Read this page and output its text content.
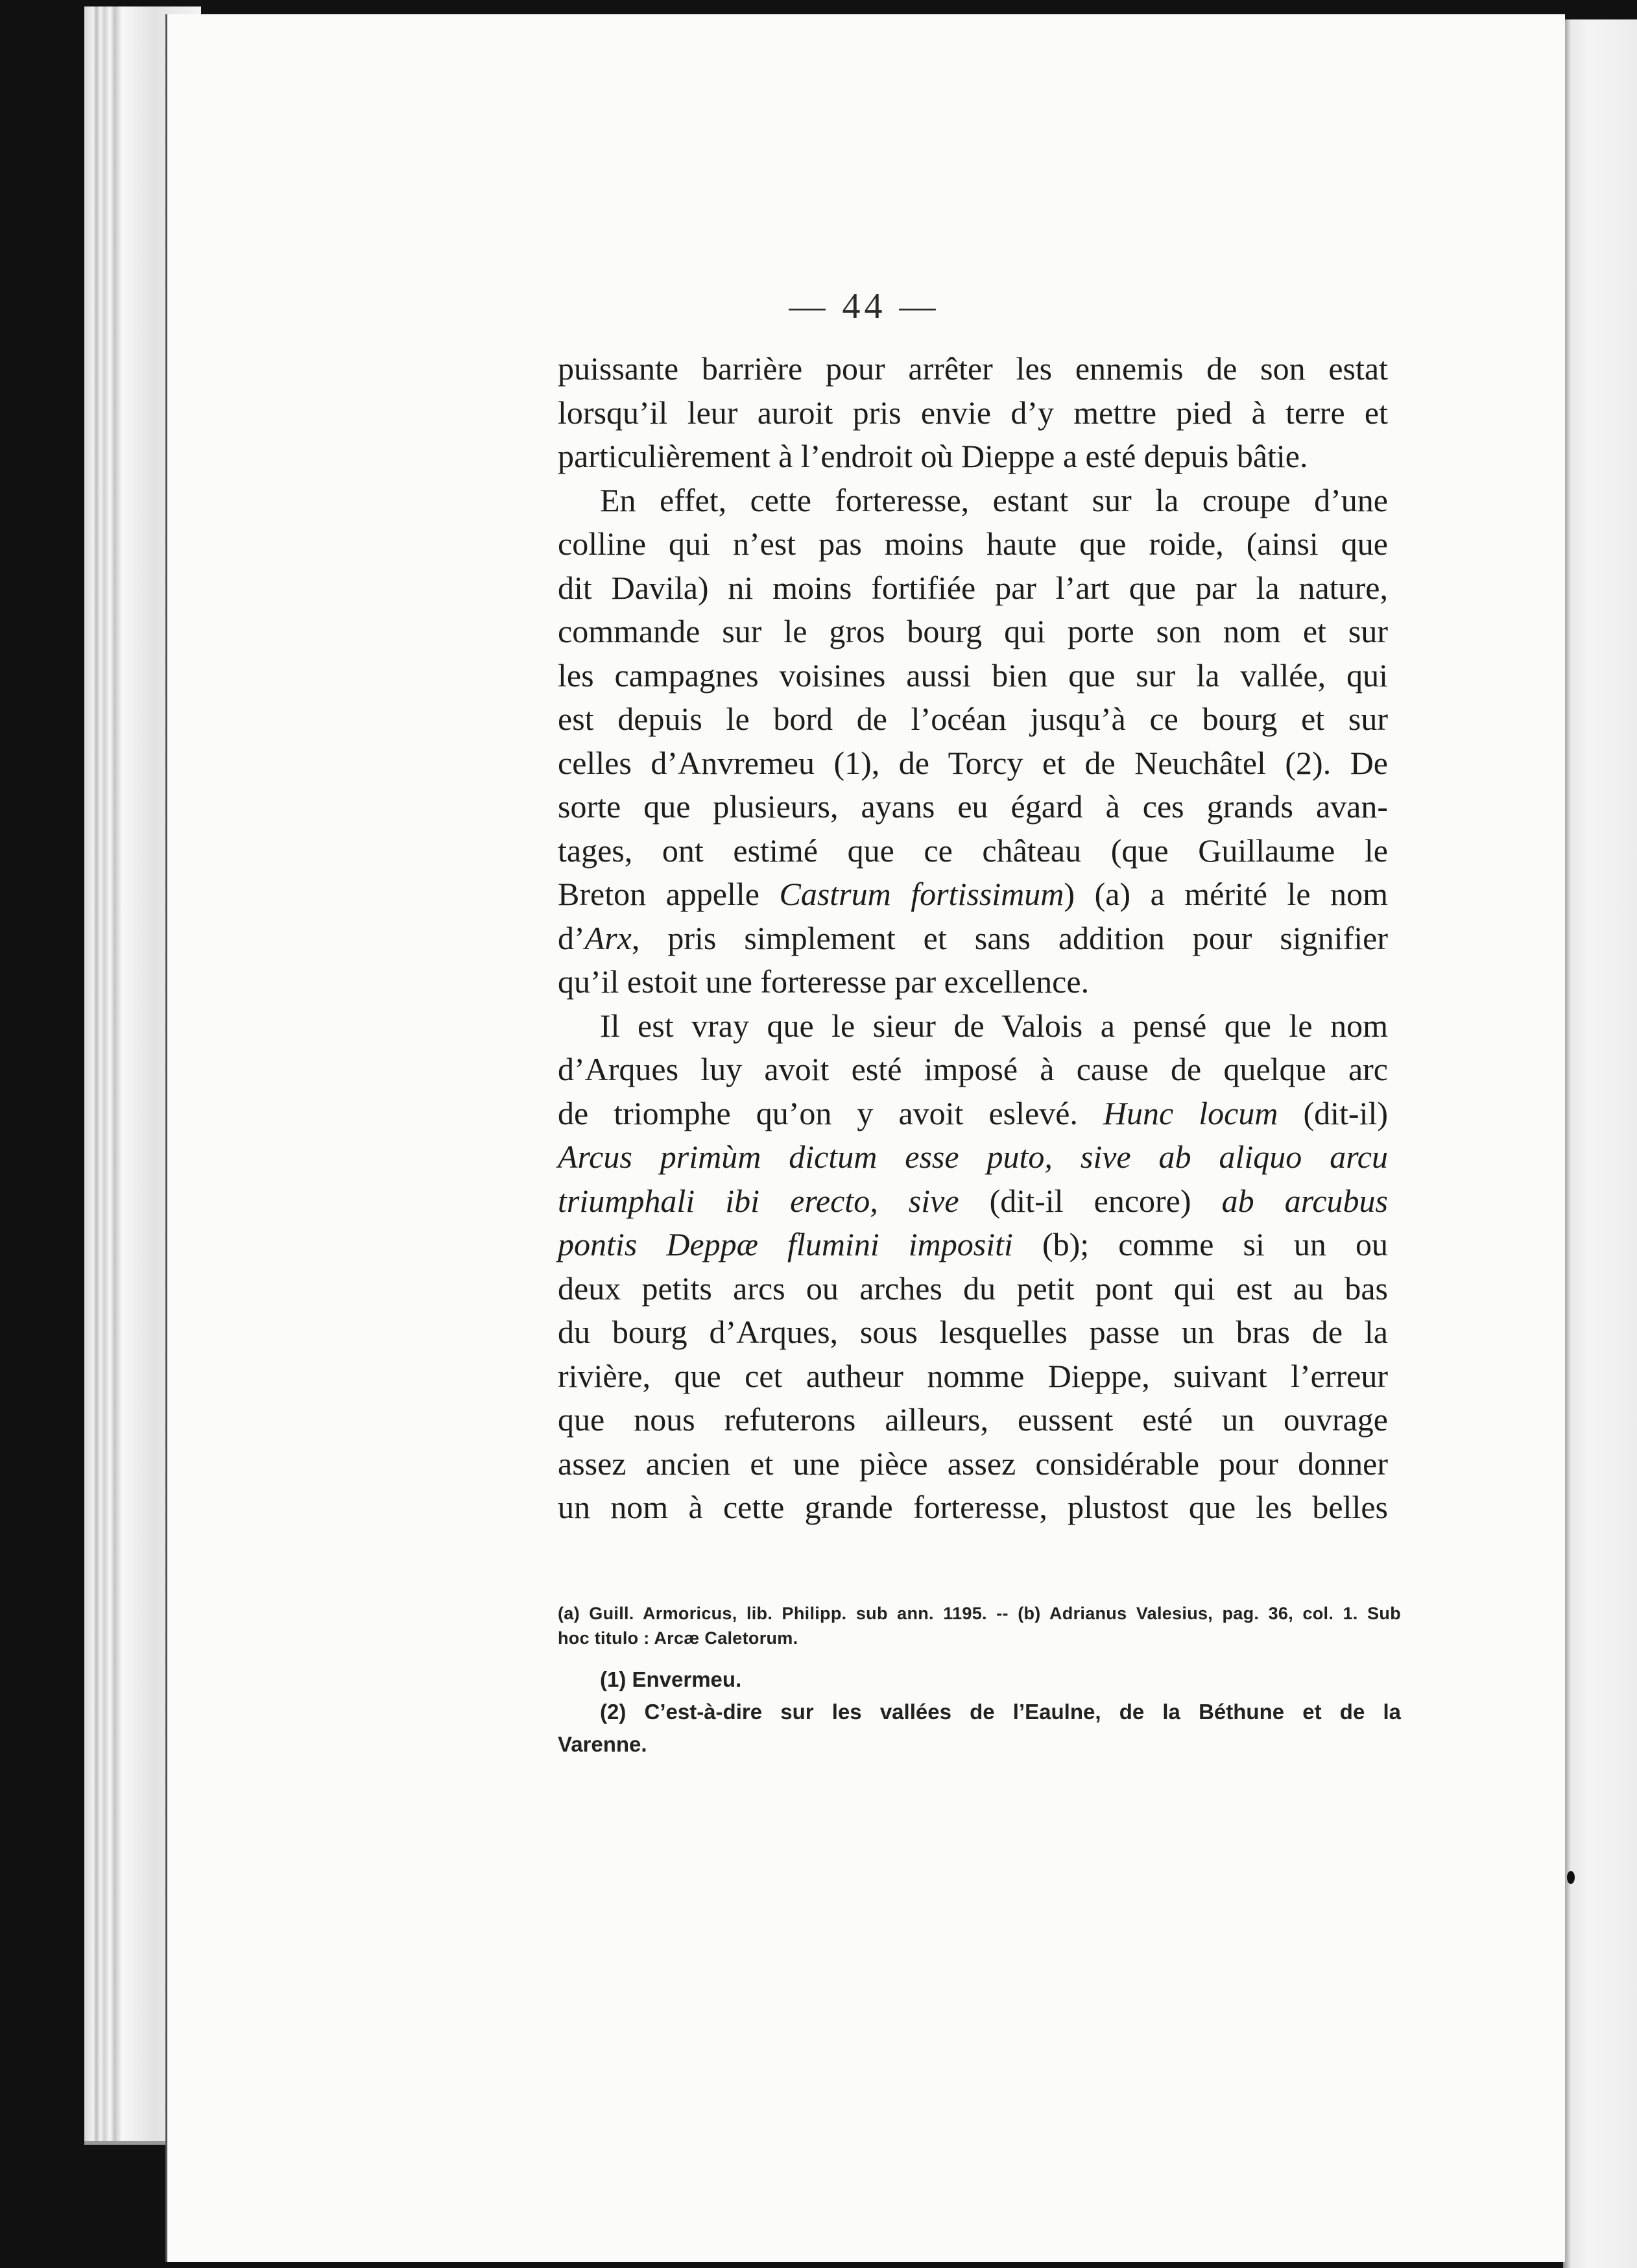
— 44 —
puissante barrière pour arrêter les ennemis de son estat
lorsqu’il leur auroit pris envie d’y mettre pied à terre et
particulièrement à l’endroit où Dieppe a esté depuis bâtie.
En effet, cette forteresse, estant sur la croupe d’une
colline qui n’est pas moins haute que roide, (ainsi que
dit Davila) ni moins fortifiée par l’art que par la nature,
commande sur le gros bourg qui porte son nom et sur
les campagnes voisines aussi bien que sur la vallée, qui
est depuis le bord de l’océan jusqu’à ce bourg et sur
celles d’Anvremeu (1), de Torcy et de Neuchâtel (2). De
sorte que plusieurs, ayans eu égard à ces grands avan-
tages, ont estimé que ce château (que Guillaume le
Breton appelle Castrum fortissimum) (a) a mérité le nom
d’Arx, pris simplement et sans addition pour signifier
qu’il estoit une forteresse par excellence.
Il est vray que le sieur de Valois a pensé que le nom
d’Arques luy avoit esté imposé à cause de quelque arc
de triomphe qu’on y avoit eslevé. Hunc locum (dit-il)
Arcus primùm dictum esse puto, sive ab aliquo arcu
triumphali ibi erecto, sive (dit-il encore) ab arcubus
pontis Deppæ flumini impositi (b); comme si un ou
deux petits arcs ou arches du petit pont qui est au bas
du bourg d’Arques, sous lesquelles passe un bras de la
rivière, que cet autheur nomme Dieppe, suivant l’erreur
que nous refuterons ailleurs, eussent esté un ouvrage
assez ancien et une pièce assez considérable pour donner
un nom à cette grande forteresse, plustost que les belles
(a) Guill. Armoricus, lib. Philipp. sub ann. 1195. -- (b) Adrianus Valesius, pag. 36, col. 1. Sub
hoc titulo : Arcæ Caletorum.
(1) Envermeu.
(2) C’est-à-dire sur les vallées de l’Eaulne, de la Béthune et de la
Varenne.
